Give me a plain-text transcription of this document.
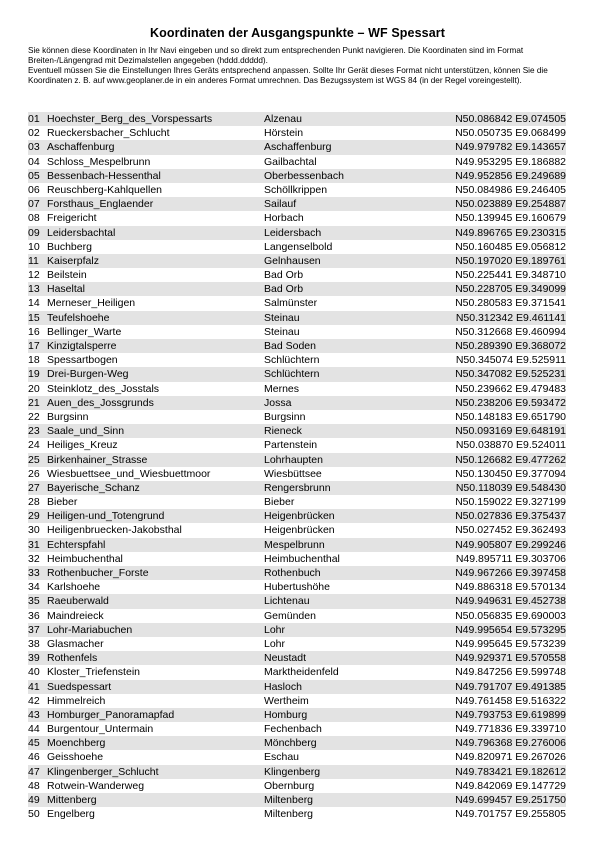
Koordinaten der Ausgangspunkte – WF Spessart

Sie können diese Koordinaten in Ihr Navi eingeben und so direkt zum entsprechenden Punkt navigieren. Die Koordinaten sind im Format Breiten-/Längengrad mit Dezimalstellen angegeben (hddd.ddddd).

Eventuell müssen Sie die Einstellungen Ihres Geräts entsprechend anpassen. Sollte Ihr Gerät dieses Format nicht unterstützen, können Sie die Koordinaten z. B. auf www.geoplaner.de in ein anderes Format umrechnen. Das Bezugssystem ist WGS 84 (in der Regel voreingestellt).

01 Hoechster_Berg_des_Vorspessarts	Alzenau	N50.086842 E9.074505
02 Rueckersbacher_Schlucht	Hörstein	N50.050735 E9.068499
03 Aschaffenburg	Aschaffenburg	N49.979782 E9.143657
04 Schloss_Mespelbrunn	Gailbachtal	N49.953295 E9.186882
05 Bessenbach-Hessenthal	Oberbessenbach	N49.952856 E9.249689
06 Reuschberg-Kahlquellen	Schöllkrippen	N50.084986 E9.246405
07 Forsthaus_Englaender	Sailauf	N50.023889 E9.254887
08 Freigericht	Horbach	N50.139945 E9.160679
09 Leidersbachtal	Leidersbach	N49.896765 E9.230315
10 Buchberg	Langenselbold	N50.160485 E9.056812
11 Kaiserpfalz	Gelnhausen	N50.197020 E9.189761
12 Beilstein	Bad Orb	N50.225441 E9.348710
13 Haseltal	Bad Orb	N50.228705 E9.349099
14 Merneser_Heiligen	Salmünster	N50.280583 E9.371541
15 Teufelshoehe	Steinau	N50.312342 E9.461141
16 Bellinger_Warte	Steinau	N50.312668 E9.460994
17 Kinzigtalsperre	Bad Soden	N50.289390 E9.368072
18 Spessartbogen	Schlüchtern	N50.345074 E9.525911
19 Drei-Burgen-Weg	Schlüchtern	N50.347082 E9.525231
20 Steinklotz_des_Josstals	Mernes	N50.239662 E9.479483
21 Auen_des_Jossgrunds	Jossa	N50.238206 E9.593472
22 Burgsinn	Burgsinn	N50.148183 E9.651790
23 Saale_und_Sinn	Rieneck	N50.093169 E9.648191
24 Heiliges_Kreuz	Partenstein	N50.038870 E9.524011
25 Birkenhainer_Strasse	Lohrhaupten	N50.126682 E9.477262
26 Wiesbuettsee_und_Wiesbuettmoor	Wiesbüttsee	N50.130450 E9.377094
27 Bayerische_Schanz	Rengersbrunn	N50.118039 E9.548430
28 Bieber	Bieber	N50.159022 E9.327199
29 Heiligen-und_Totengrund	Heigenbrücken	N50.027836 E9.375437
30 Heiligenbruecken-Jakobsthal	Heigenbrücken	N50.027452 E9.362493
31 Echterspfahl	Mespelbrunn	N49.905807 E9.299246
32 Heimbuchenthal	Heimbuchenthal	N49.895711 E9.303706
33 Rothenbucher_Forste	Rothenbuch	N49.967266 E9.397458
34 Karlshoehe	Hubertushöhe	N49.886318 E9.570134
35 Raeuberwald	Lichtenau	N49.949631 E9.452738
36 Maindreieck	Gemünden	N50.056835 E9.690003
37 Lohr-Mariabuchen	Lohr	N49.995654 E9.573295
38 Glasmacher	Lohr	N49.995645 E9.573239
39 Rothenfels	Neustadt	N49.929371 E9.570558
40 Kloster_Triefenstein	Marktheidenfeld	N49.847256 E9.599748
41 Suedspessart	Hasloch	N49.791707 E9.491385
42 Himmelreich	Wertheim	N49.761458 E9.516322
43 Homburger_Panoramapfad	Homburg	N49.793753 E9.619899
44 Burgentour_Untermain	Fechenbach	N49.771836 E9.339710
45 Moenchberg	Mönchberg	N49.796368 E9.276006
46 Geisshoehe	Eschau	N49.820971 E9.267026
47 Klingenberger_Schlucht	Klingenberg	N49.783421 E9.182612
48 Rotwein-Wanderweg	Obernburg	N49.842069 E9.147729
49 Mittenberg	Miltenberg	N49.699457 E9.251750
50 Engelberg	Miltenberg	N49.701757 E9.255805
